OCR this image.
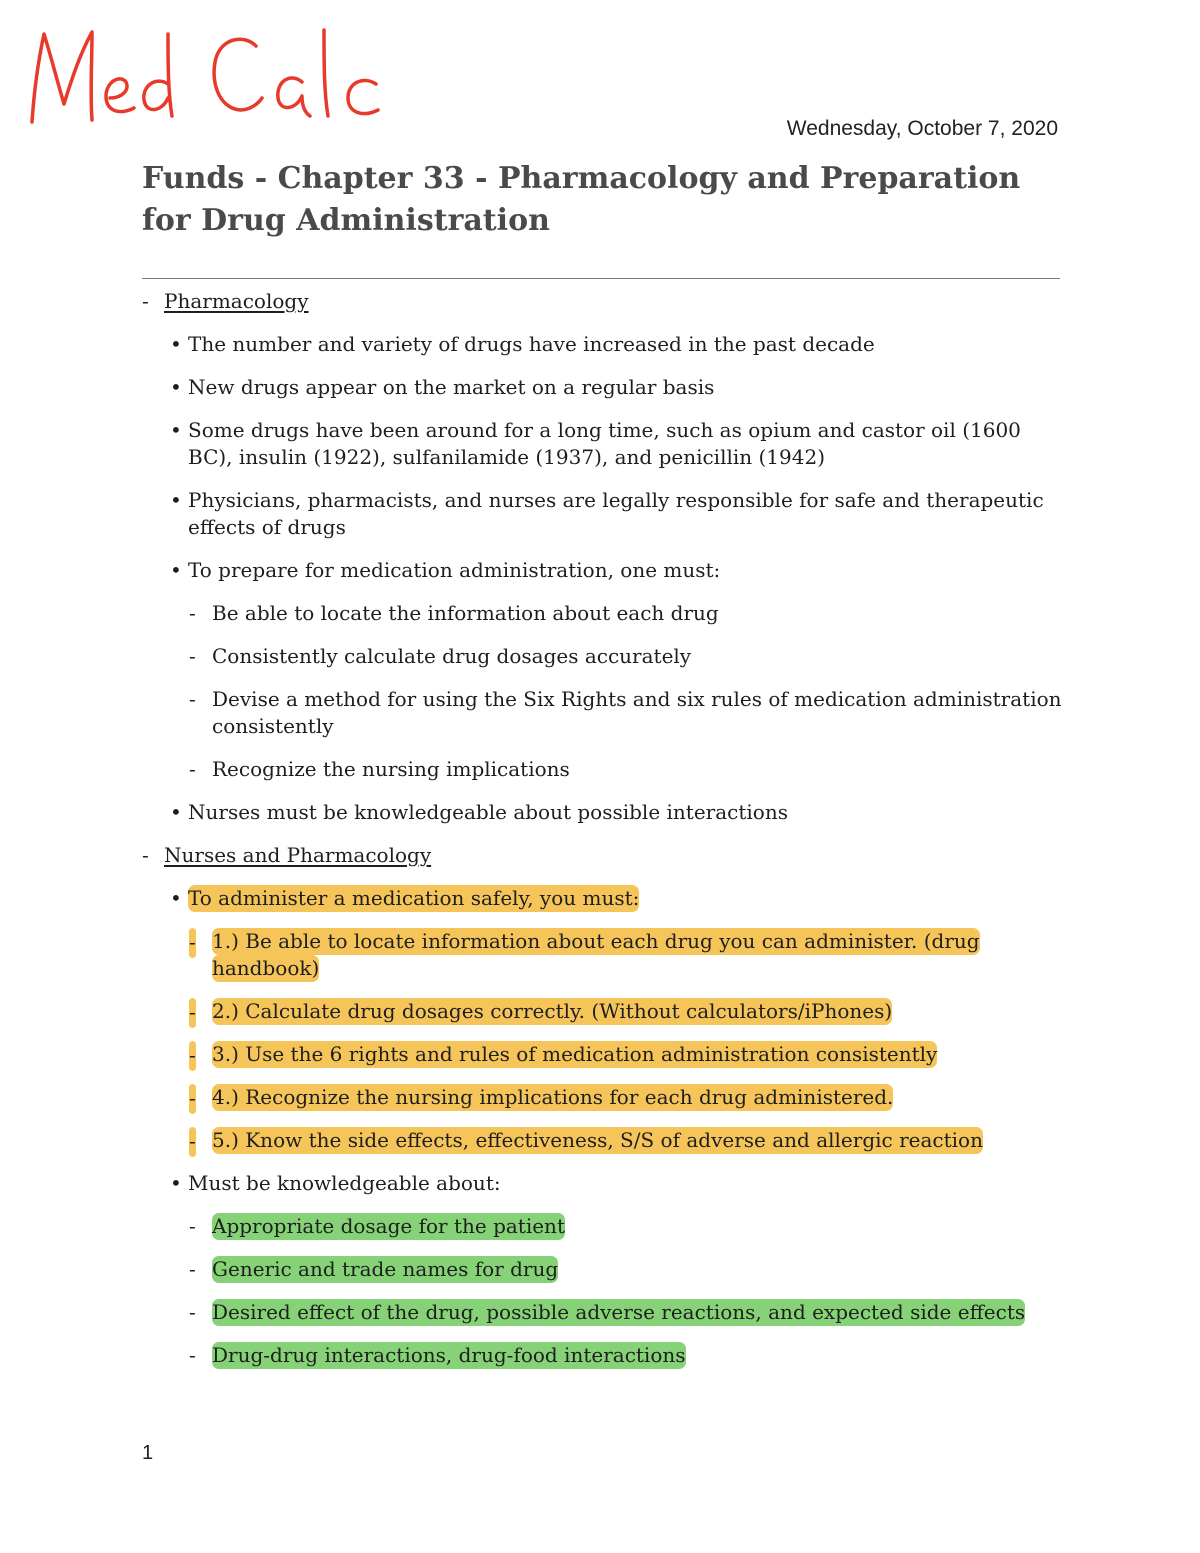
Med Calc
Wednesday, October 7, 2020
Funds - Chapter 33 - Pharmacology and Preparation for Drug Administration
- Pharmacology
• The number and variety of drugs have increased in the past decade
• New drugs appear on the market on a regular basis
• Some drugs have been around for a long time, such as opium and castor oil (1600 BC), insulin (1922), sulfanilamide (1937), and penicillin (1942)
• Physicians, pharmacists, and nurses are legally responsible for safe and therapeutic effects of drugs
• To prepare for medication administration, one must:
- Be able to locate the information about each drug
- Consistently calculate drug dosages accurately
- Devise a method for using the Six Rights and six rules of medication administration consistently
- Recognize the nursing implications
• Nurses must be knowledgeable about possible interactions
- Nurses and Pharmacology
• To administer a medication safely, you must:
- 1.) Be able to locate information about each drug you can administer. (drug handbook)
- 2.) Calculate drug dosages correctly. (Without calculators/iPhones)
- 3.) Use the 6 rights and rules of medication administration consistently
- 4.) Recognize the nursing implications for each drug administered.
- 5.) Know the side effects, effectiveness, S/S of adverse and allergic reaction
• Must be knowledgeable about:
- Appropriate dosage for the patient
- Generic and trade names for drug
- Desired effect of the drug, possible adverse reactions, and expected side effects
- Drug-drug interactions, drug-food interactions
1
